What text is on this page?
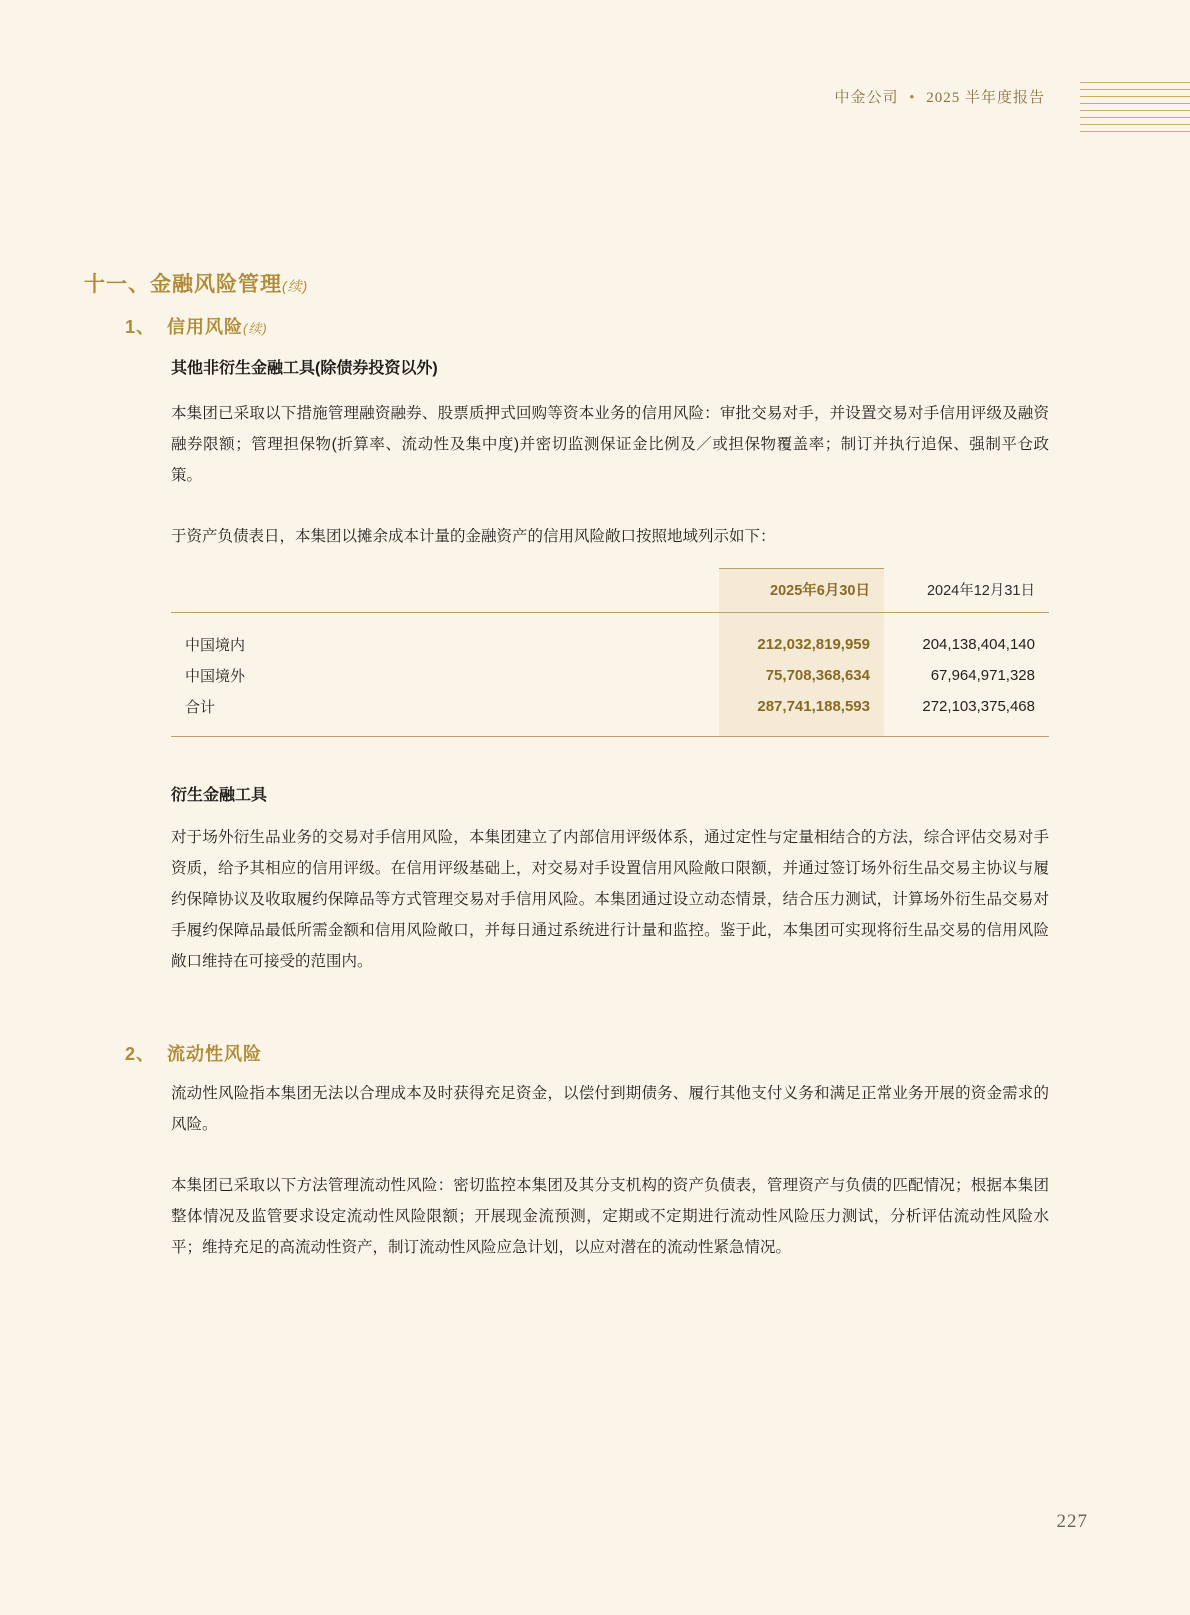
中金公司 • 2025 半年度报告
十一、金融风险管理(续)
1、 信用风险(续)
其他非衍生金融工具(除债券投资以外)
本集团已采取以下措施管理融资融券、股票质押式回购等资本业务的信用风险：审批交易对手，并设置交易对手信用评级及融资融券限额；管理担保物(折算率、流动性及集中度)并密切监测保证金比例及／或担保物覆盖率；制订并执行追保、强制平仓政策。
于资产负债表日，本集团以摊余成本计量的金融资产的信用风险敞口按照地域列示如下：
	2025年6月30日	2024年12月31日

中国境内	212,032,819,959	204,138,404,140
中国境外	75,708,368,634	67,964,971,328
合计	287,741,188,593	272,103,375,468

衍生金融工具
对于场外衍生品业务的交易对手信用风险，本集团建立了内部信用评级体系，通过定性与定量相结合的方法，综合评估交易对手资质，给予其相应的信用评级。在信用评级基础上，对交易对手设置信用风险敞口限额，并通过签订场外衍生品交易主协议与履约保障协议及收取履约保障品等方式管理交易对手信用风险。本集团通过设立动态情景，结合压力测试，计算场外衍生品交易对手履约保障品最低所需金额和信用风险敞口，并每日通过系统进行计量和监控。鉴于此，本集团可实现将衍生品交易的信用风险敞口维持在可接受的范围内。
2、 流动性风险
流动性风险指本集团无法以合理成本及时获得充足资金，以偿付到期债务、履行其他支付义务和满足正常业务开展的资金需求的风险。
本集团已采取以下方法管理流动性风险：密切监控本集团及其分支机构的资产负债表，管理资产与负债的匹配情况；根据本集团整体情况及监管要求设定流动性风险限额；开展现金流预测，定期或不定期进行流动性风险压力测试，分析评估流动性风险水平；维持充足的高流动性资产，制订流动性风险应急计划，以应对潜在的流动性紧急情况。
227
